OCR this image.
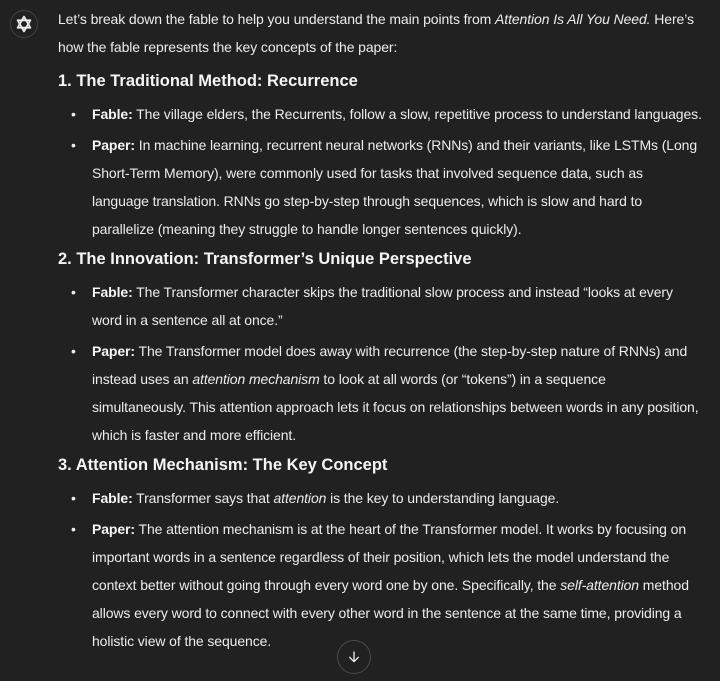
Let’s break down the fable to help you understand the main points from Attention Is All You Need. Here’s how the fable represents the key concepts of the paper:

1. The Traditional Method: Recurrence
• Fable: The village elders, the Recurrents, follow a slow, repetitive process to understand languages.
• Paper: In machine learning, recurrent neural networks (RNNs) and their variants, like LSTMs (Long Short-Term Memory), were commonly used for tasks that involved sequence data, such as language translation. RNNs go step-by-step through sequences, which is slow and hard to parallelize (meaning they struggle to handle longer sentences quickly).
2. The Innovation: Transformer’s Unique Perspective
• Fable: The Transformer character skips the traditional slow process and instead “looks at every word in a sentence all at once.”
• Paper: The Transformer model does away with recurrence (the step-by-step nature of RNNs) and instead uses an attention mechanism to look at all words (or “tokens”) in a sequence simultaneously. This attention approach lets it focus on relationships between words in any position, which is faster and more efficient.
3. Attention Mechanism: The Key Concept
• Fable: Transformer says that attention is the key to understanding language.
• Paper: The attention mechanism is at the heart of the Transformer model. It works by focusing on important words in a sentence regardless of their position, which lets the model understand the context better without going through every word one by one. Specifically, the self-attention method allows every word to connect with every other word in the sentence at the same time, providing a holistic view of the sequence.
